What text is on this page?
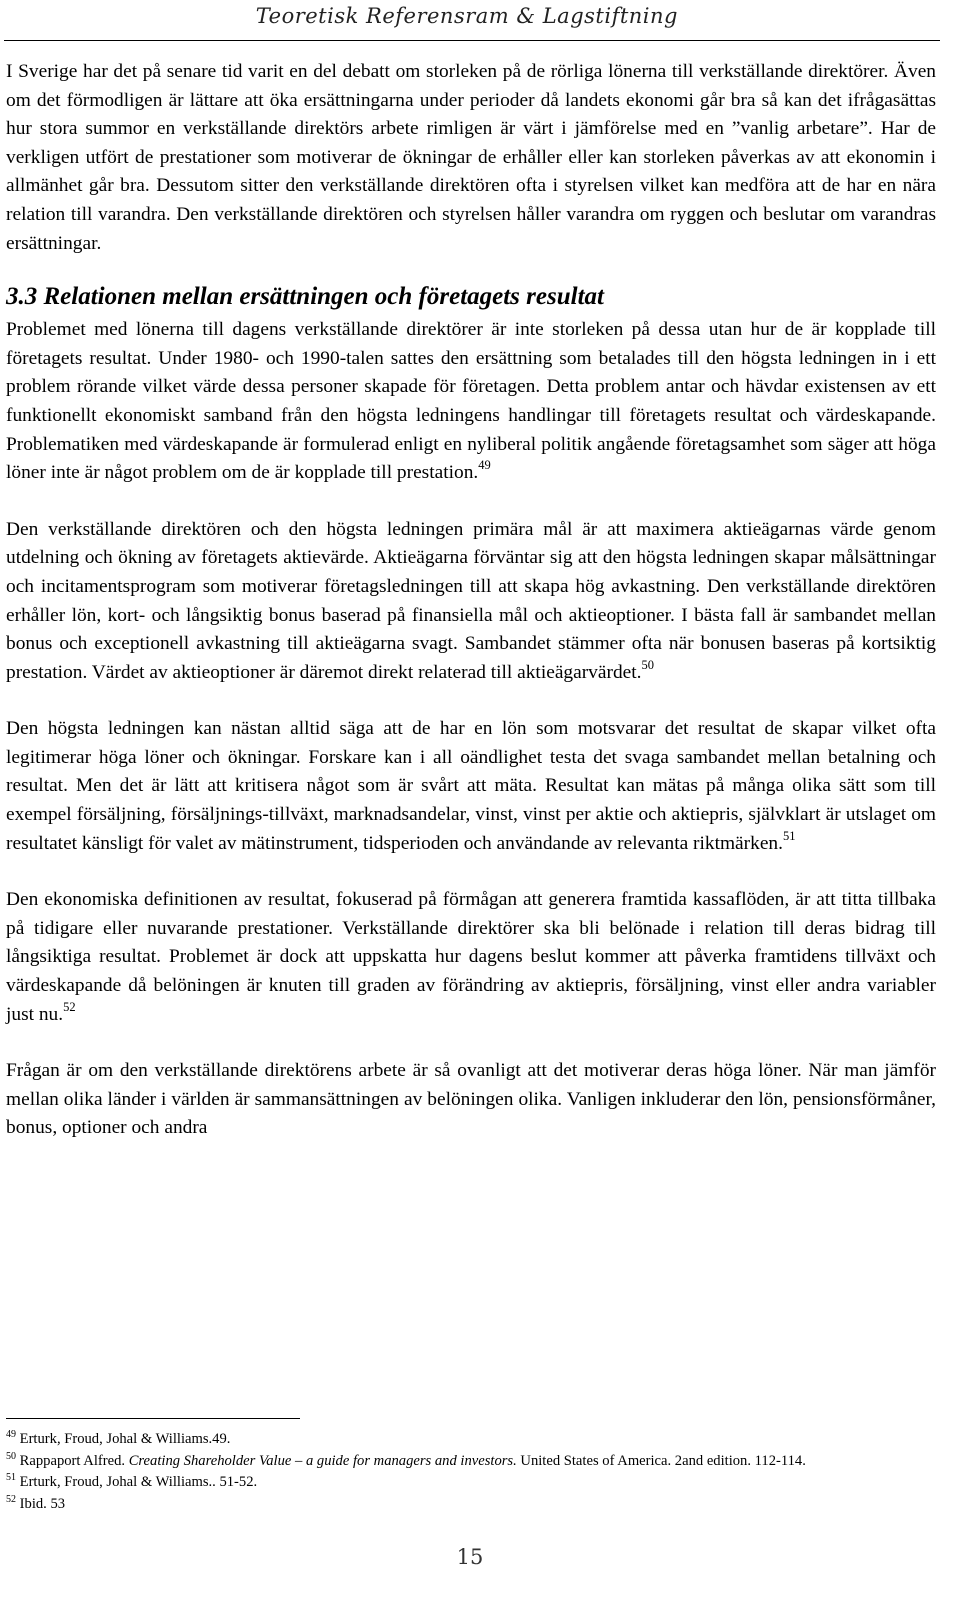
Teoretisk Referensram & Lagstiftning

I Sverige har det på senare tid varit en del debatt om storleken på de rörliga lönerna till verkställande direktörer. Även om det förmodligen är lättare att öka ersättningarna under perioder då landets ekonomi går bra så kan det ifrågasättas hur stora summor en verkställande direktörs arbete rimligen är värt i jämförelse med en ”vanlig arbetare”. Har de verkligen utfört de prestationer som motiverar de ökningar de erhåller eller kan storleken påverkas av att ekonomin i allmänhet går bra. Dessutom sitter den verkställande direktören ofta i styrelsen vilket kan medföra att de har en nära relation till varandra. Den verkställande direktören och styrelsen håller varandra om ryggen och beslutar om varandras ersättningar.

3.3 Relationen mellan ersättningen och företagets resultat

Problemet med lönerna till dagens verkställande direktörer är inte storleken på dessa utan hur de är kopplade till företagets resultat. Under 1980- och 1990-talen sattes den ersättning som betalades till den högsta ledningen in i ett problem rörande vilket värde dessa personer skapade för företagen. Detta problem antar och hävdar existensen av ett funktionellt ekonomiskt samband från den högsta ledningens handlingar till företagets resultat och värdeskapande. Problematiken med värdeskapande är formulerad enligt en nyliberal politik angående företagsamhet som säger att höga löner inte är något problem om de är kopplade till prestation.$^{49}$

Den verkställande direktören och den högsta ledningen primära mål är att maximera aktieägarnas värde genom utdelning och ökning av företagets aktievärde. Aktieägarna förväntar sig att den högsta ledningen skapar målsättningar och incitamentsprogram som motiverar företagsledningen till att skapa hög avkastning. Den verkställande direktören erhåller lön, kort- och långsiktig bonus baserad på finansiella mål och aktieoptioner. I bästa fall är sambandet mellan bonus och exceptionell avkastning till aktieägarna svagt. Sambandet stämmer ofta när bonusen baseras på kortsiktig prestation. Värdet av aktieoptioner är däremot direkt relaterad till aktieägarvärdet.$^{50}$

Den högsta ledningen kan nästan alltid säga att de har en lön som motsvarar det resultat de skapar vilket ofta legitimerar höga löner och ökningar. Forskare kan i all oändlighet testa det svaga sambandet mellan betalning och resultat. Men det är lätt att kritisera något som är svårt att mäta. Resultat kan mätas på många olika sätt som till exempel försäljning, försäljnings-tillväxt, marknadsandelar, vinst, vinst per aktie och aktiepris, självklart är utslaget om resultatet känsligt för valet av mätinstrument, tidsperioden och användande av relevanta riktmärken.$^{51}$

Den ekonomiska definitionen av resultat, fokuserad på förmågan att generera framtida kassaflöden, är att titta tillbaka på tidigare eller nuvarande prestationer. Verkställande direktörer ska bli belönade i relation till deras bidrag till långsiktiga resultat. Problemet är dock att uppskatta hur dagens beslut kommer att påverka framtidens tillväxt och värdeskapande då belöningen är knuten till graden av förändring av aktiepris, försäljning, vinst eller andra variabler just nu.$^{52}$

Frågan är om den verkställande direktörens arbete är så ovanligt att det motiverar deras höga löner. När man jämför mellan olika länder i världen är sammansättningen av belöningen olika. Vanligen inkluderar den lön, pensionsförmåner, bonus, optioner och andra

$^{49}$ Erturk, Froud, Johal & Williams.49.

$^{50}$ Rappaport Alfred. Creating Shareholder Value – a guide for managers and investors. United States of America. 2and edition. 112-114.

$^{51}$ Erturk, Froud, Johal & Williams.. 51-52.

$^{52}$ Ibid. 53

15
